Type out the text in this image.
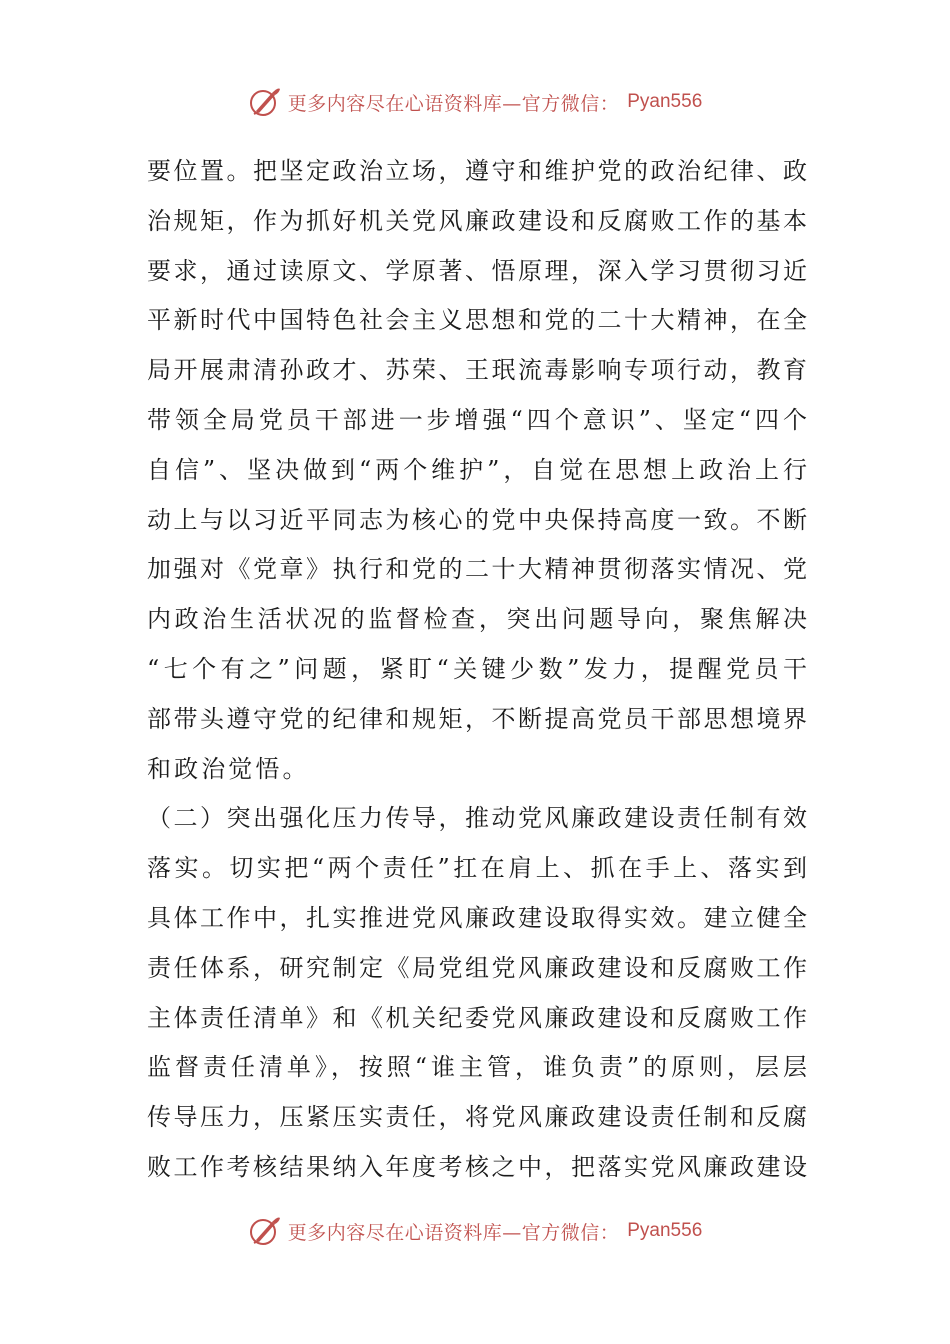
更多内容尽在心语资料库—官方微信： Pyan556
要位置。把坚定政治立场，遵守和维护党的政治纪律、政
治规矩，作为抓好机关党风廉政建设和反腐败工作的基本
要求，通过读原文、学原著、悟原理，深入学习贯彻习近
平新时代中国特色社会主义思想和党的二十大精神，在全
局开展肃清孙政才、苏荣、王珉流毒影响专项行动，教育
带领全局党员干部进一步增强“四个意识”、坚定“四个
自信”、坚决做到“两个维护”，自觉在思想上政治上行
动上与以习近平同志为核心的党中央保持高度一致。不断
加强对《党章》执行和党的二十大精神贯彻落实情况、党
内政治生活状况的监督检查，突出问题导向，聚焦解决
“七个有之”问题，紧盯“关键少数”发力，提醒党员干
部带头遵守党的纪律和规矩，不断提高党员干部思想境界
和政治觉悟。
（二）突出强化压力传导，推动党风廉政建设责任制有效
落实。切实把“两个责任”扛在肩上、抓在手上、落实到
具体工作中，扎实推进党风廉政建设取得实效。建立健全
责任体系，研究制定《局党组党风廉政建设和反腐败工作
主体责任清单》和《机关纪委党风廉政建设和反腐败工作
监督责任清单》，按照“谁主管，谁负责”的原则，层层
传导压力，压紧压实责任，将党风廉政建设责任制和反腐
败工作考核结果纳入年度考核之中，把落实党风廉政建设
更多内容尽在心语资料库—官方微信： Pyan556
